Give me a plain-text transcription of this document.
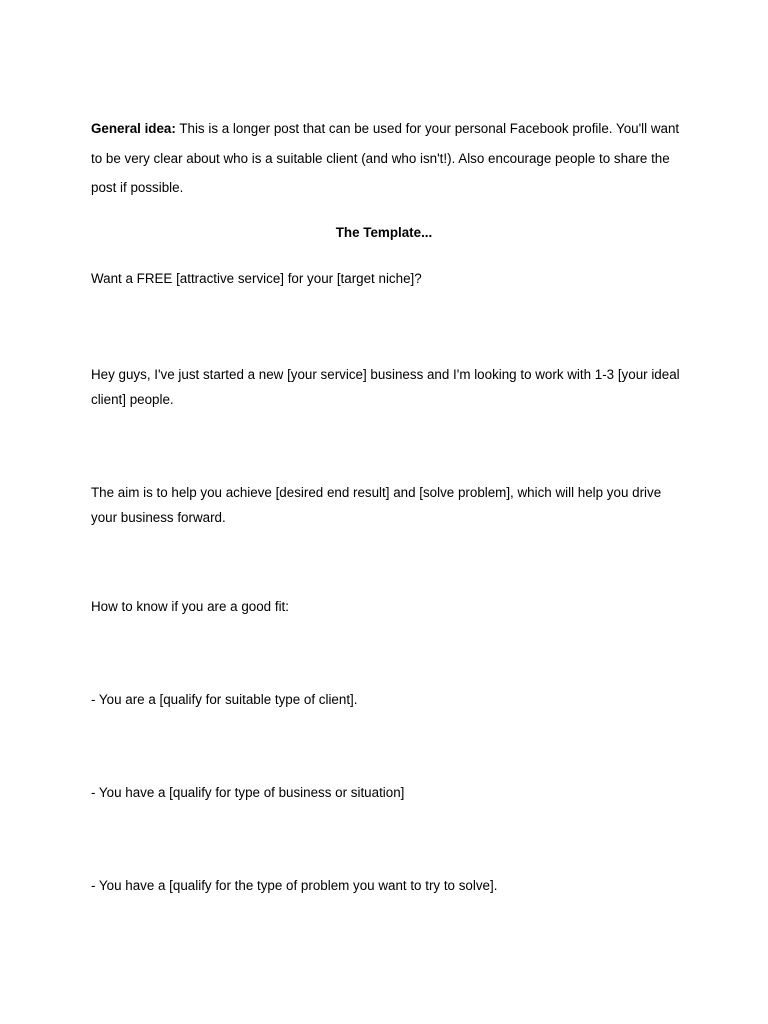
General idea: This is a longer post that can be used for your personal Facebook profile. You'll want to be very clear about who is a suitable client (and who isn't!). Also encourage people to share the post if possible.

The Template...

Want a FREE [attractive service] for your [target niche]?

Hey guys, I've just started a new [your service] business and I'm looking to work with 1-3 [your ideal client] people.

The aim is to help you achieve [desired end result] and [solve problem], which will help you drive your business forward.

How to know if you are a good fit:

- You are a [qualify for suitable type of client].

- You have a [qualify for type of business or situation]

- You have a [qualify for the type of problem you want to try to solve].
